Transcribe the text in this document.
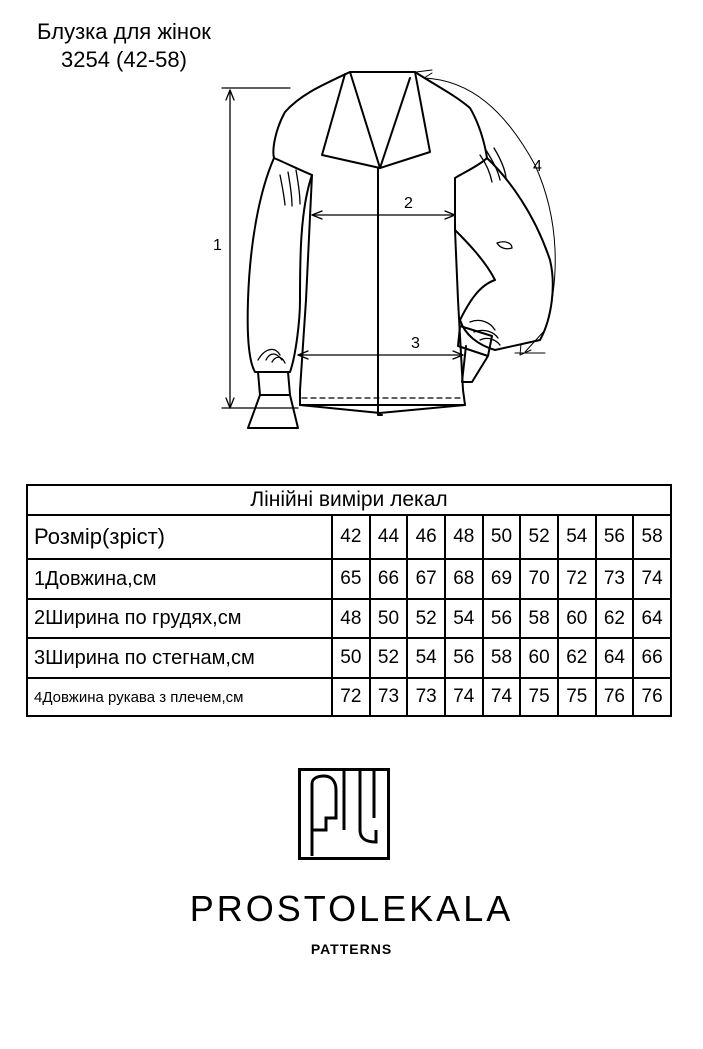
Блузка для жінок
3254 (42-58)
1
2
3
4
Лінійні виміри лекал									
Розмір(зріст)	42	44	46	48	50	52	54	56	58
1Довжина,см	65	66	67	68	69	70	72	73	74
2Ширина по грудях,см	48	50	52	54	56	58	60	62	64
3Ширина по стегнам,см	50	52	54	56	58	60	62	64	66
4Довжина рукава з плечем,см	72	73	73	74	74	75	75	76	76
PROSTOLEKALA
PATTERNS
